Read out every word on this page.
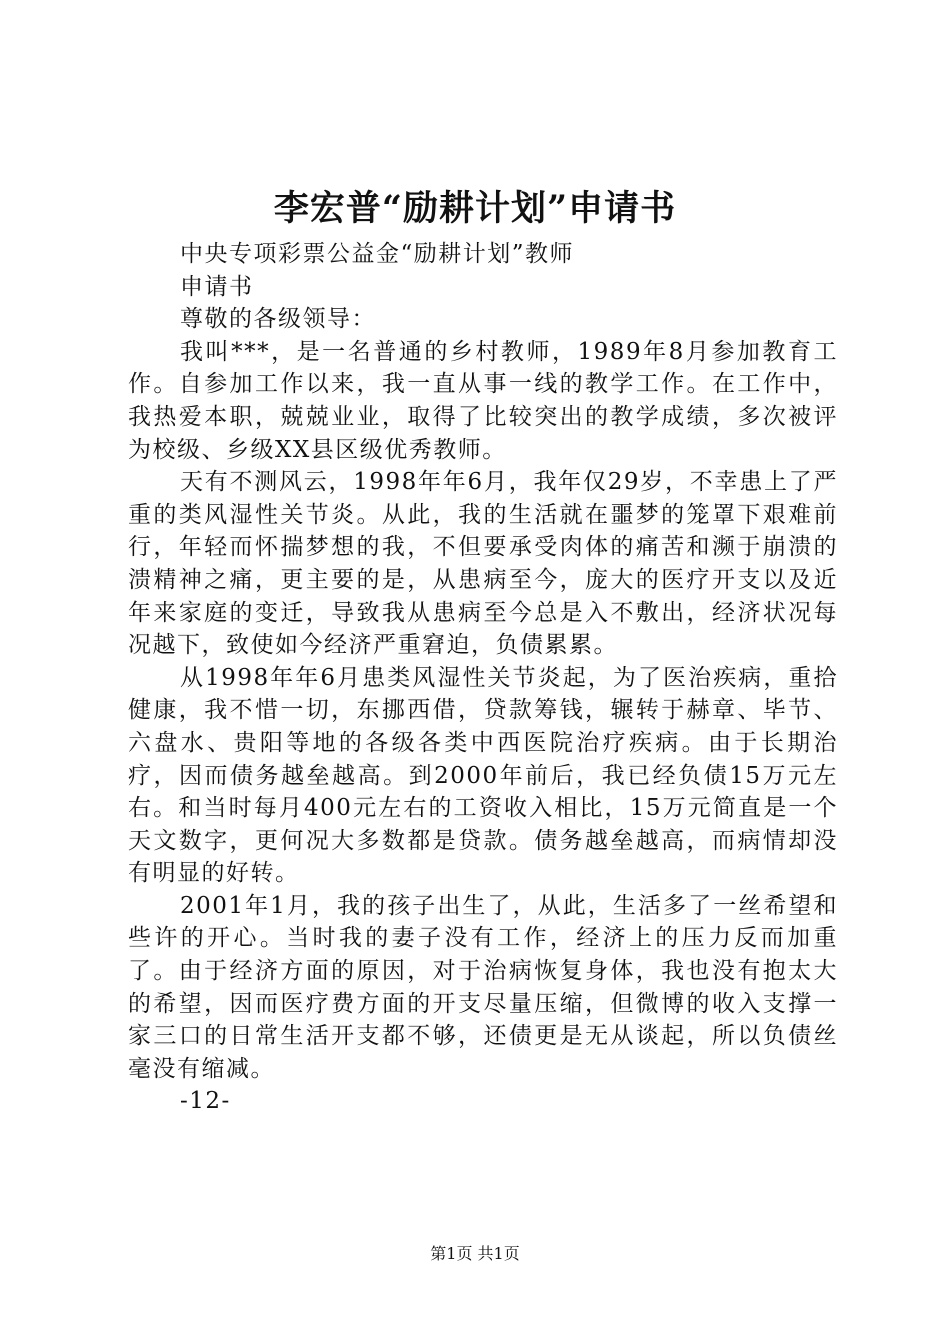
李宏普“励耕计划”申请书

中央专项彩票公益金“励耕计划”教师

申请书

尊敬的各级领导：

我叫***，是一名普通的乡村教师，1989年8月参加教育工作。自参加工作以来，我一直从事一线的教学工作。在工作中，我热爱本职，兢兢业业，取得了比较突出的教学成绩，多次被评为校级、乡级XX县区级优秀教师。

天有不测风云，1998年年6月，我年仅29岁，不幸患上了严重的类风湿性关节炎。从此，我的生活就在噩梦的笼罩下艰难前行，年轻而怀揣梦想的我，不但要承受肉体的痛苦和濒于崩溃的溃精神之痛，更主要的是，从患病至今，庞大的医疗开支以及近年来家庭的变迁，导致我从患病至今总是入不敷出，经济状况每况越下，致使如今经济严重窘迫，负债累累。

从1998年年6月患类风湿性关节炎起，为了医治疾病，重拾健康，我不惜一切，东挪西借，贷款筹钱，辗转于赫章、毕节、六盘水、贵阳等地的各级各类中西医院治疗疾病。由于长期治疗，因而债务越垒越高。到2000年前后，我已经负债15万元左右。和当时每月400元左右的工资收入相比，15万元简直是一个天文数字，更何况大多数都是贷款。债务越垒越高，而病情却没有明显的好转。

2001年1月，我的孩子出生了，从此，生活多了一丝希望和些许的开心。当时我的妻子没有工作，经济上的压力反而加重了。由于经济方面的原因，对于治病恢复身体，我也没有抱太大的希望，因而医疗费方面的开支尽量压缩，但微博的收入支撑一家三口的日常生活开支都不够，还债更是无从谈起，所以负债丝毫没有缩减。

-12-

第1页 共1页
